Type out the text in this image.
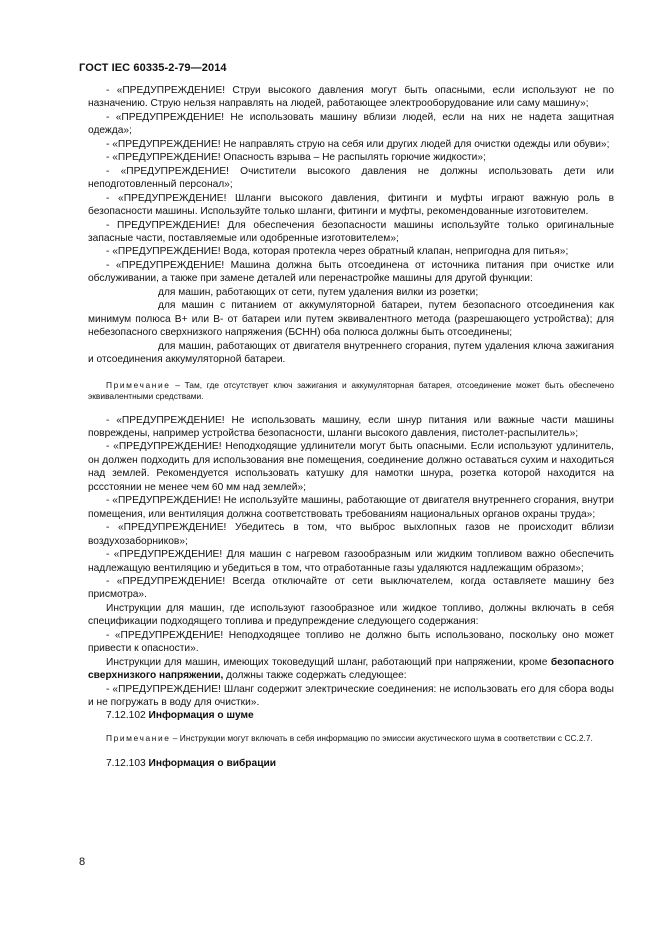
ГОСТ IEC 60335-2-79—2014

- «ПРЕДУПРЕЖДЕНИЕ! Струи высокого давления могут быть опасными, если используют не по назначению. Струю нельзя направлять на людей, работающее электрооборудование или саму машину»;

- «ПРЕДУПРЕЖДЕНИЕ! Не использовать машину вблизи людей, если на них не надета защитная одежда»;

- «ПРЕДУПРЕЖДЕНИЕ! Не направлять струю на себя или других людей для очистки одежды или обуви»;

- «ПРЕДУПРЕЖДЕНИЕ! Опасность взрыва – Не распылять горючие жидкости»;

- «ПРЕДУПРЕЖДЕНИЕ! Очистители высокого давления не должны использовать дети или неподготовленный персонал»;

- «ПРЕДУПРЕЖДЕНИЕ! Шланги высокого давления, фитинги и муфты играют важную роль в безопасности машины. Используйте только шланги, фитинги и муфты, рекомендованные изготовителем.

- ПРЕДУПРЕЖДЕНИЕ! Для обеспечения безопасности машины используйте только оригинальные запасные части, поставляемые или одобренные изготовителем»;

- «ПРЕДУПРЕЖДЕНИЕ! Вода, которая протекла через обратный клапан, непригодна для питья»;

- «ПРЕДУПРЕЖДЕНИЕ! Машина должна быть отсоединена от источника питания при очистке или обслуживании, а также при замене деталей или перенастройке машины для другой функции:

для машин, работающих от сети, путем удаления вилки из розетки;

для машин с питанием от аккумуляторной батареи, путем безопасного отсоединения как минимум полюса B+ или B- от батареи или путем эквивалентного метода (разрешающего устройства); для небезопасного сверхнизкого напряжения (БСНН) оба полюса должны быть отсоединены;

для машин, работающих от двигателя внутреннего сгорания, путем удаления ключа зажигания и отсоединения аккумуляторной батареи.

Примечание – Там, где отсутствует ключ зажигания и аккумуляторная батарея, отсоединение может быть обеспечено эквивалентными средствами.

- «ПРЕДУПРЕЖДЕНИЕ! Не использовать машину, если шнур питания или важные части машины повреждены, например устройства безопасности, шланги высокого давления, пистолет-распылитель»;

- «ПРЕДУПРЕЖДЕНИЕ! Неподходящие удлинители могут быть опасными. Если используют удлинитель, он должен подходить для использования вне помещения, соединение должно оставаться сухим и находиться над землей. Рекомендуется использовать катушку для намотки шнура, розетка которой находится на рссстоянии не менее чем 60 мм над землей»;

- «ПРЕДУПРЕЖДЕНИЕ! Не используйте машины, работающие от двигателя внутреннего сгорания, внутри помещения, или вентиляция должна соответствовать требованиям национальных органов охраны труда»;

- «ПРЕДУПРЕЖДЕНИЕ! Убедитесь в том, что выброс выхлопных газов не происходит вблизи воздухозаборников»;

- «ПРЕДУПРЕЖДЕНИЕ! Для машин с нагревом газообразным или жидким топливом важно обеспечить надлежащую вентиляцию и убедиться в том, что отработанные газы удаляются надлежащим образом»;

- «ПРЕДУПРЕЖДЕНИЕ! Всегда отключайте от сети выключателем, когда оставляете машину без присмотра».

Инструкции для машин, где используют газообразное или жидкое топливо, должны включать в себя спецификации подходящего топлива и предупреждение следующего содержания:

- «ПРЕДУПРЕЖДЕНИЕ! Неподходящее топливо не должно быть использовано, поскольку оно может привести к опасности».

Инструкции для машин, имеющих токоведущий шланг, работающий при напряжении, кроме безопасного сверхнизкого напряжении, должны также содержать следующее:

- «ПРЕДУПРЕЖДЕНИЕ! Шланг содержит электрические соединения: не использовать его для сбора воды и не погружать в воду для очистки».

7.12.102 Информация о шуме

Примечание – Инструкции могут включать в себя информацию по эмиссии акустического шума в соответствии с СС.2.7.

7.12.103 Информация о вибрации

8
